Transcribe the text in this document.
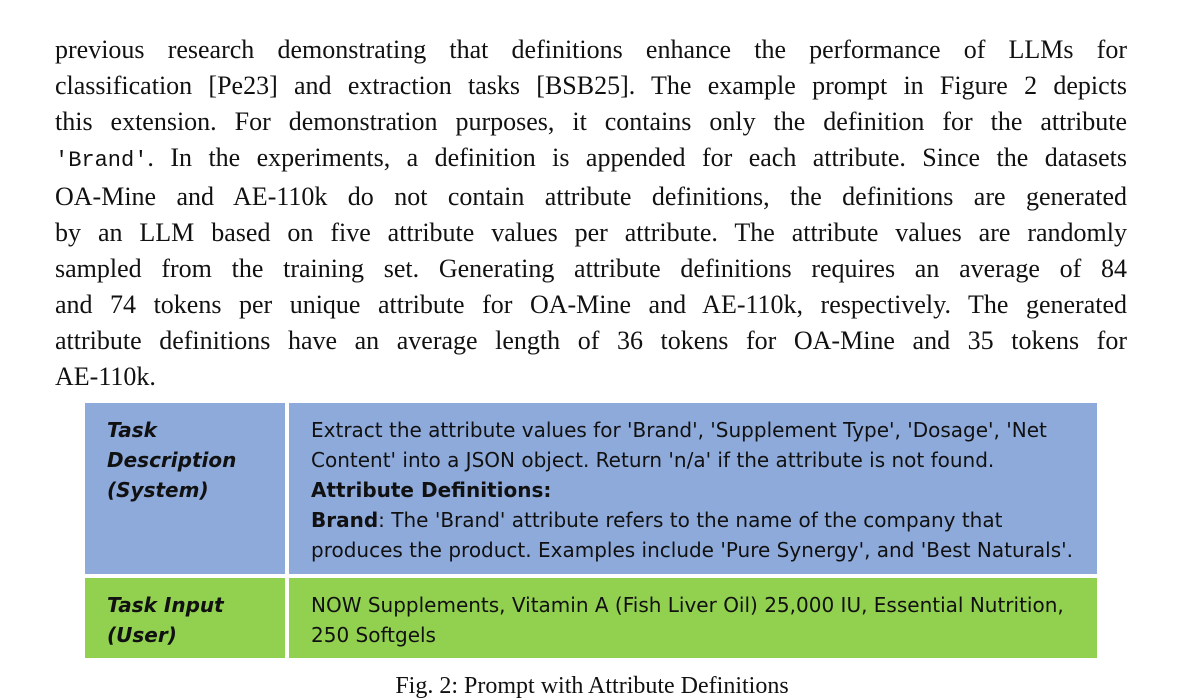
previous research demonstrating that definitions enhance the performance of LLMs for
classification [Pe23] and extraction tasks [BSB25]. The example prompt in Figure 2 depicts
this extension. For demonstration purposes, it contains only the definition for the attribute
'Brand'. In the experiments, a definition is appended for each attribute. Since the datasets
OA-Mine and AE-110k do not contain attribute definitions, the definitions are generated
by an LLM based on five attribute values per attribute. The attribute values are randomly
sampled from the training set. Generating attribute definitions requires an average of 84
and 74 tokens per unique attribute for OA-Mine and AE-110k, respectively. The generated
attribute definitions have an average length of 36 tokens for OA-Mine and 35 tokens for
AE-110k.
Task Description
(System)
Extract the attribute values for 'Brand', 'Supplement Type', 'Dosage', 'Net
Content' into a JSON object. Return 'n/a' if the attribute is not found.
Attribute Definitions:
Brand: The 'Brand' attribute refers to the name of the company that
produces the product. Examples include 'Pure Synergy', and 'Best Naturals'.
Task Input
(User)
NOW Supplements, Vitamin A (Fish Liver Oil) 25,000 IU, Essential Nutrition,
250 Softgels
Fig. 2: Prompt with Attribute Definitions
